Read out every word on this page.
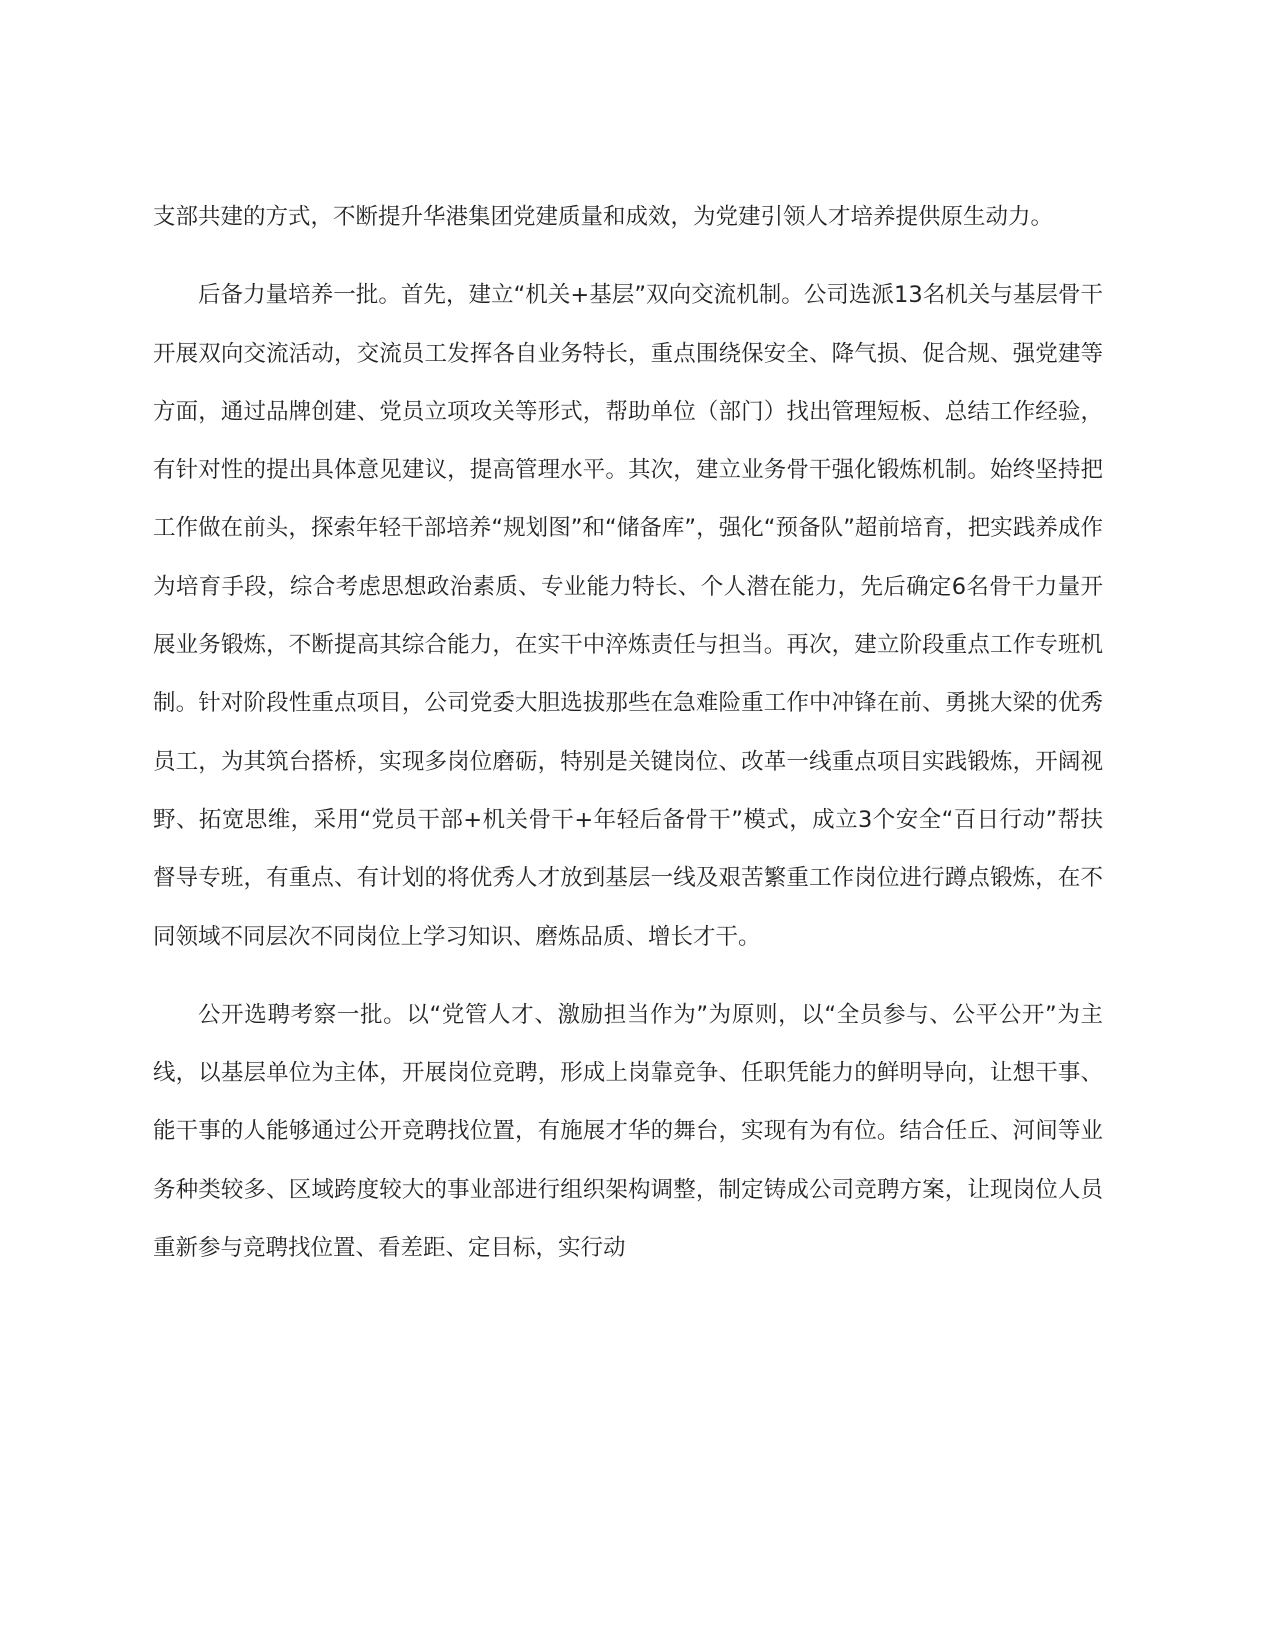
支部共建的方式，不断提升华港集团党建质量和成效，为党建引领人才培养提供原生动力。

后备力量培养一批。首先，建立“机关+基层”双向交流机制。公司选派13名机关与基层骨干开展双向交流活动，交流员工发挥各自业务特长，重点围绕保安全、降气损、促合规、强党建等方面，通过品牌创建、党员立项攻关等形式，帮助单位（部门）找出管理短板、总结工作经验，有针对性的提出具体意见建议，提高管理水平。其次，建立业务骨干强化锻炼机制。始终坚持把工作做在前头，探索年轻干部培养“规划图”和“储备库”，强化“预备队”超前培育，把实践养成作为培育手段，综合考虑思想政治素质、专业能力特长、个人潜在能力，先后确定6名骨干力量开展业务锻炼，不断提高其综合能力，在实干中淬炼责任与担当。再次，建立阶段重点工作专班机制。针对阶段性重点项目，公司党委大胆选拔那些在急难险重工作中冲锋在前、勇挑大梁的优秀员工，为其筑台搭桥，实现多岗位磨砺，特别是关键岗位、改革一线重点项目实践锻炼，开阔视野、拓宽思维，采用“党员干部+机关骨干+年轻后备骨干”模式，成立3个安全“百日行动”帮扶督导专班，有重点、有计划的将优秀人才放到基层一线及艰苦繁重工作岗位进行蹲点锻炼，在不同领域不同层次不同岗位上学习知识、磨炼品质、增长才干。

公开选聘考察一批。以“党管人才、激励担当作为”为原则，以“全员参与、公平公开”为主线，以基层单位为主体，开展岗位竞聘，形成上岗靠竞争、任职凭能力的鲜明导向，让想干事、能干事的人能够通过公开竞聘找位置，有施展才华的舞台，实现有为有位。结合任丘、河间等业务种类较多、区域跨度较大的事业部进行组织架构调整，制定铸成公司竞聘方案，让现岗位人员重新参与竞聘找位置、看差距、定目标，实行动
